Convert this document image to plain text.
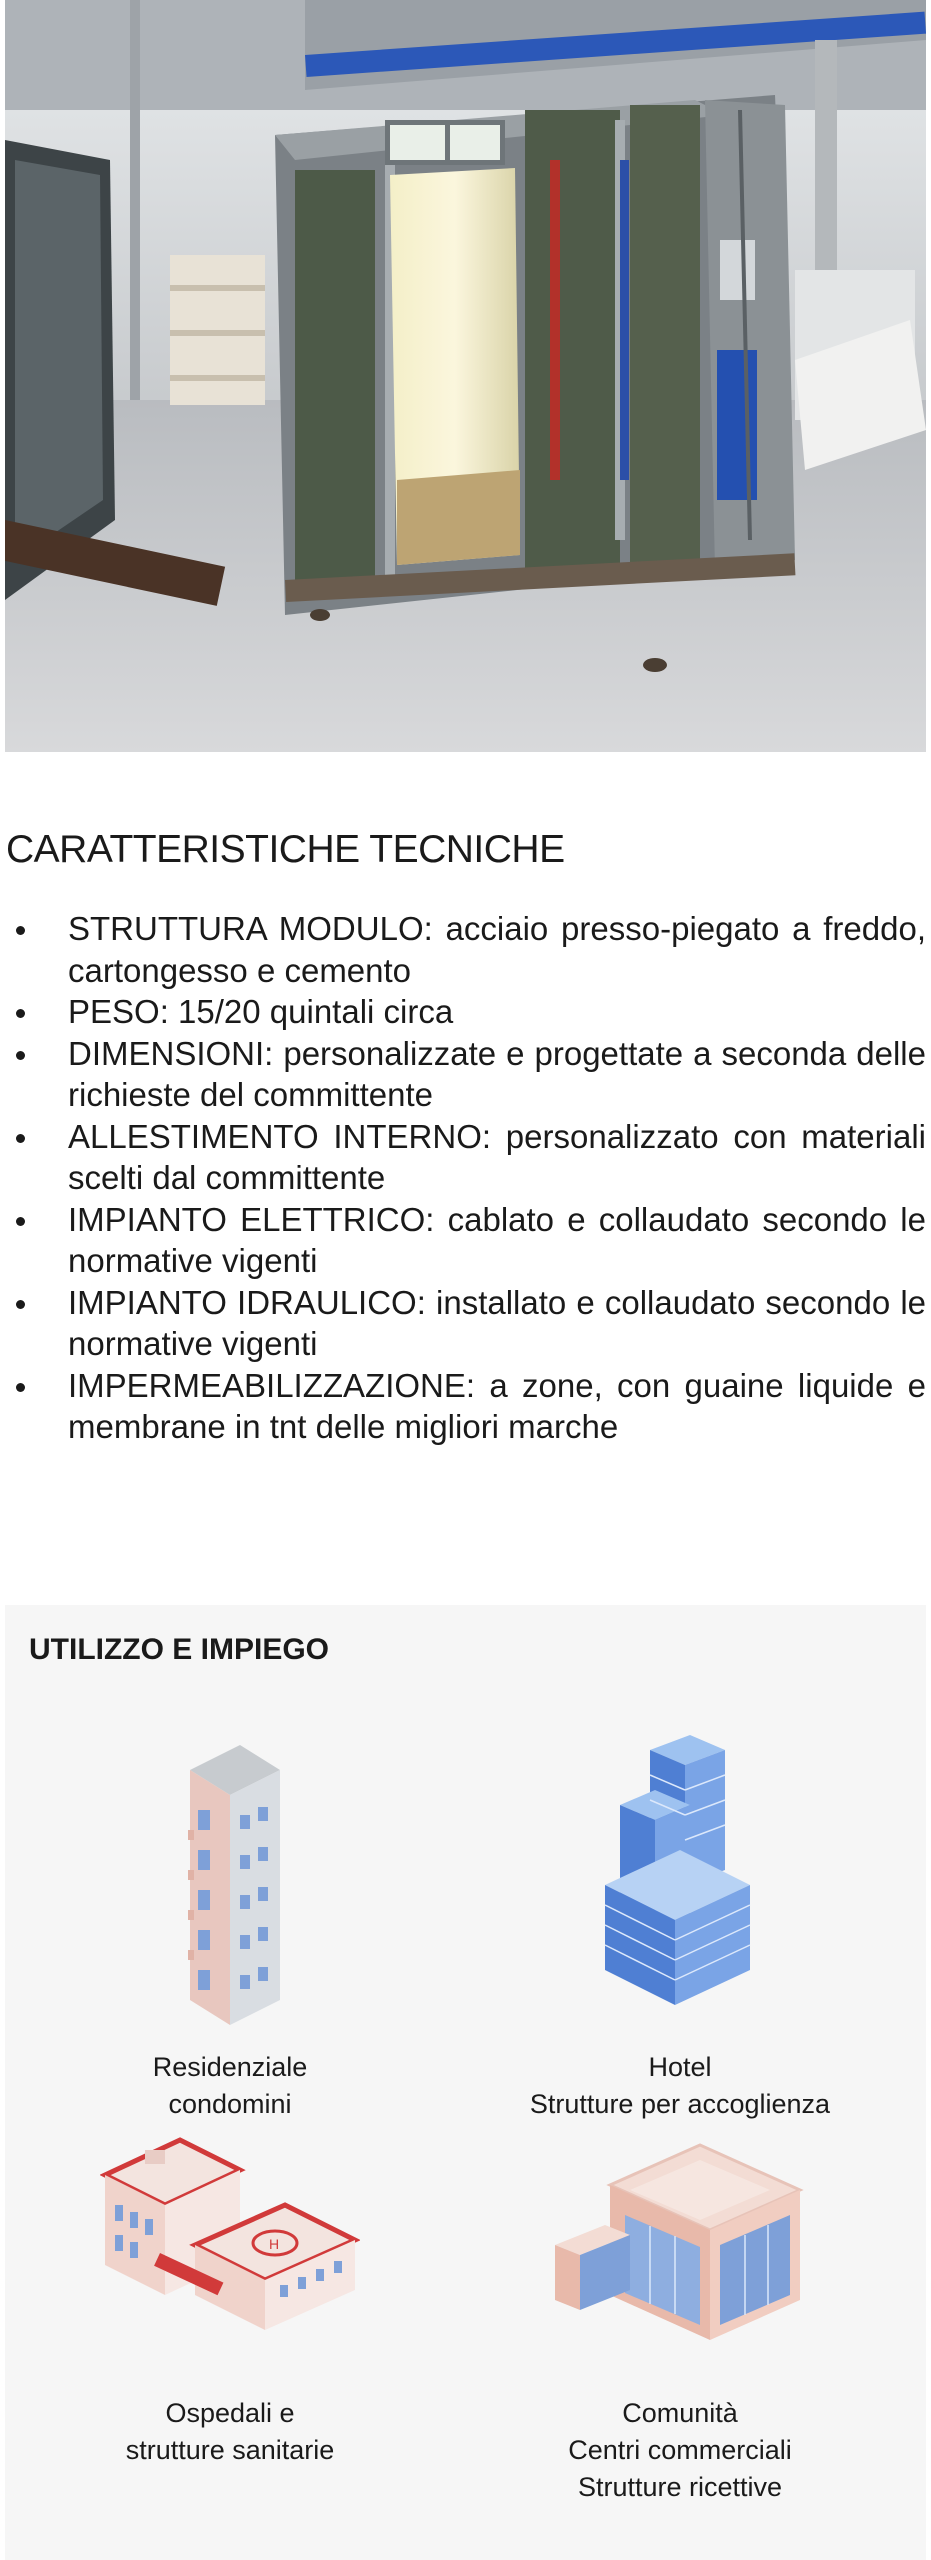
CARATTERISTICHE TECNICHE
STRUTTURA MODULO: acciaio presso-piegato a freddo, cartongesso e cemento
PESO: 15/20 quintali circa
DIMENSIONI: personalizzate e progettate a seconda delle richieste del committente
ALLESTIMENTO INTERNO: personalizzato con materiali scelti dal committente
IMPIANTO ELETTRICO: cablato e collaudato secondo le normative vigenti
IMPIANTO IDRAULICO: installato e collaudato secondo le normative vigenti
IMPERMEABILIZZAZIONE: a zone, con guaine liquide e membrane in tnt delle migliori marche
UTILIZZO E IMPIEGO
Residenziale
condomini
Hotel
Strutture per accoglienza
H
Ospedali e
strutture sanitarie
Comunità
Centri commerciali
Strutture ricettive
